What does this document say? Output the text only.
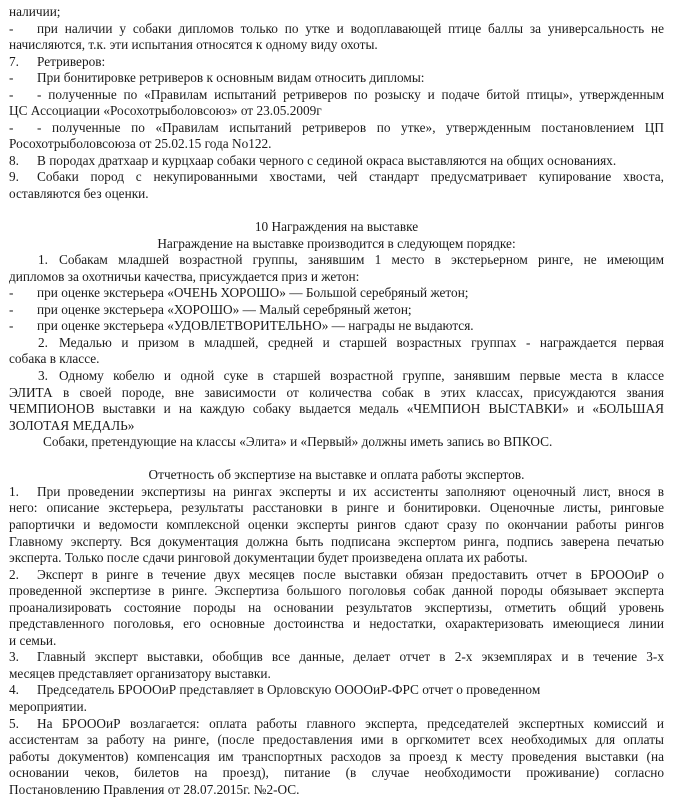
наличии;
- при наличии у собаки дипломов только по утке и водоплавающей птице баллы за универсальность не
начисляются, т.к. эти испытания относятся к одному виду охоты.
7. Ретриверов:
- При бонитировке ретриверов к основным видам относить дипломы:
- - полученные по «Правилам испытаний ретриверов по розыску и подаче битой птицы», утвержденным
ЦС Ассоциации «Росохотрыболовсоюз» от 23.05.2009г
- - полученные по «Правилам испытаний ретриверов по утке», утвержденным постановлением ЦП
Росохотрыболовсоюза от 25.02.15 года No122.
8. В породах дратхаар и курцхаар собаки черного с сединой окраса выставляются на общих основаниях.
9. Собаки пород с некупированными хвостами, чей стандарт предусматривает купирование хвоста,
оставляются без оценки.
10 Награждения на выставке
Награждение на выставке производится в следующем порядке:
1. Собакам младшей возрастной группы, занявшим 1 место в экстерьерном ринге, не имеющим
дипломов за охотничьи качества, присуждается приз и жетон:
- при оценке экстерьера «ОЧЕНЬ ХОРОШО» — Большой серебряный жетон;
- при оценке экстерьера «ХОРОШО» — Малый серебряный жетон;
- при оценке экстерьера «УДОВЛЕТВОРИТЕЛЬНО» — награды не выдаются.
2. Медалью и призом в младшей, средней и старшей возрастных группах - награждается первая
собака в классе.
3. Одному кобелю и одной суке в старшей возрастной группе, занявшим первые места в классе
ЭЛИТА в своей породе, вне зависимости от количества собак в этих классах, присуждаются звания
ЧЕМПИОНОВ выставки и на каждую собаку выдается медаль «ЧЕМПИОН ВЫСТАВКИ» и «БОЛЬШАЯ
ЗОЛОТАЯ МЕДАЛЬ»
Собаки, претендующие на классы «Элита» и «Первый» должны иметь запись во ВПКОС.
Отчетность об экспертизе на выставке и оплата работы экспертов.
1. При проведении экспертизы на рингах эксперты и их ассистенты заполняют оценочный лист, внося в
него: описание экстерьера, результаты расстановки в ринге и бонитировки. Оценочные листы, ринговые
рапортички и ведомости комплексной оценки эксперты рингов сдают сразу по окончании работы рингов
Главному эксперту. Вся документация должна быть подписана экспертом ринга, подпись заверена печатью
эксперта. Только после сдачи ринговой документации будет произведена оплата их работы.
2. Эксперт в ринге в течение двух месяцев после выставки обязан предоставить отчет в БРОООиР о
проведенной экспертизе в ринге. Экспертиза большого поголовья собак данной породы обязывает эксперта
проанализировать состояние породы на основании результатов экспертизы, отметить общий уровень
представленного поголовья, его основные достоинства и недостатки, охарактеризовать имеющиеся линии
и семьи.
3. Главный эксперт выставки, обобщив все данные, делает отчет в 2-х экземплярах и в течение 3-х
месяцев представляет организатору выставки.
4. Председатель БРОООиР представляет в Орловскую ООООиР-ФРС отчет о проведенном
мероприятии.
5. На БРОООиР возлагается: оплата работы главного эксперта, председателей экспертных комиссий и
ассистентам за работу на ринге, (после предоставления ими в оргкомитет всех необходимых для оплаты
работы документов) компенсация им транспортных расходов за проезд к месту проведения выставки (на
основании чеков, билетов на проезд), питание (в случае необходимости проживание) согласно
Постановлению Правления от 28.07.2015г. №2-ОС.
